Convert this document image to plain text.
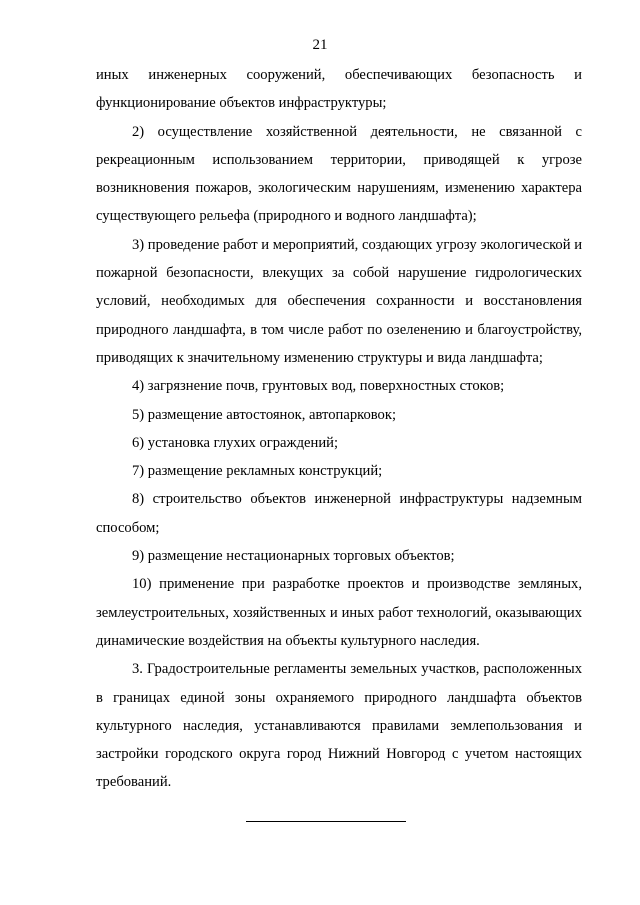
21

иных инженерных сооружений, обеспечивающих безопасность и функционирование объектов инфраструктуры;

2) осуществление хозяйственной деятельности, не связанной с рекреационным использованием территории, приводящей к угрозе возникновения пожаров, экологическим нарушениям, изменению характера существующего рельефа (природного и водного ландшафта);

3) проведение работ и мероприятий, создающих угрозу экологической и пожарной безопасности, влекущих за собой нарушение гидрологических условий, необходимых для обеспечения сохранности и восстановления природного ландшафта, в том числе работ по озеленению и благоустройству, приводящих к значительному изменению структуры и вида ландшафта;

4) загрязнение почв, грунтовых вод, поверхностных стоков;

5) размещение автостоянок, автопарковок;

6) установка глухих ограждений;

7) размещение рекламных конструкций;

8) строительство объектов инженерной инфраструктуры надземным способом;

9) размещение нестационарных торговых объектов;

10) применение при разработке проектов и производстве земляных, землеустроительных, хозяйственных и иных работ технологий, оказывающих динамические воздействия на объекты культурного наследия.

3. Градостроительные регламенты земельных участков, расположенных в границах единой зоны охраняемого природного ландшафта объектов культурного наследия, устанавливаются правилами землепользования и застройки городского округа город Нижний Новгород с учетом настоящих требований.
